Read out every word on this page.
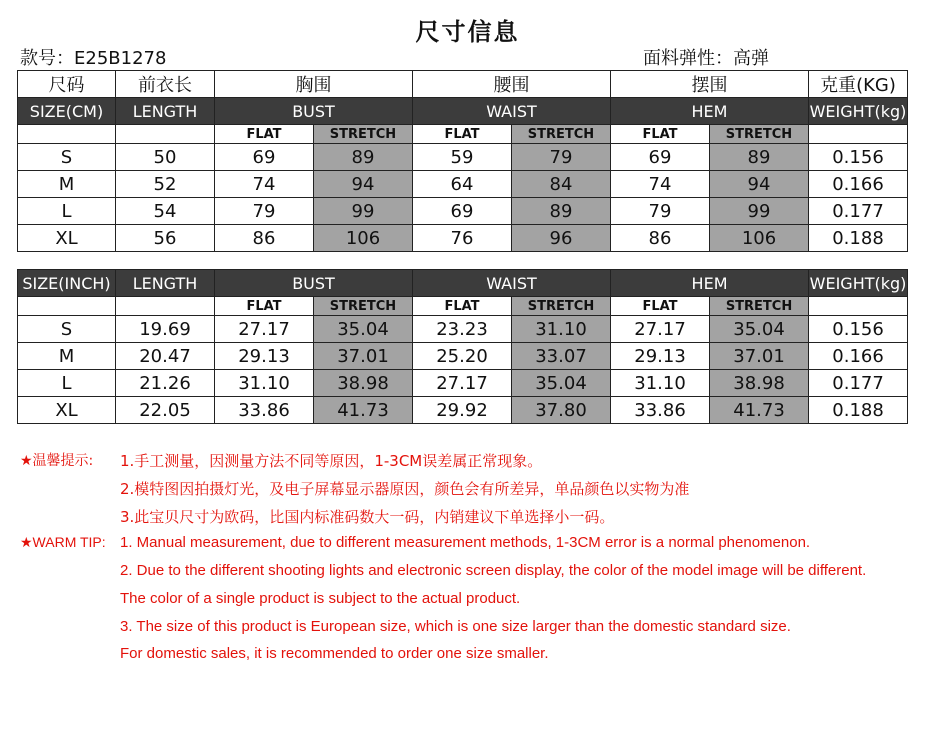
尺寸信息
款号：E25B1278	面料弹性：高弹
尺码	前衣长	胸围		腰围		摆围		克重(KG)
SIZE(CM)	LENGTH	BUST		WAIST		HEM		WEIGHT(kg)
		FLAT	STRETCH	FLAT	STRETCH	FLAT	STRETCH	
S	50	69	89	59	79	69	89	0.156
M	52	74	94	64	84	74	94	0.166
L	54	79	99	69	89	79	99	0.177
XL	56	86	106	76	96	86	106	0.188
SIZE(INCH)	LENGTH	BUST		WAIST		HEM		WEIGHT(kg)
		FLAT	STRETCH	FLAT	STRETCH	FLAT	STRETCH	
S	19.69	27.17	35.04	23.23	31.10	27.17	35.04	0.156
M	20.47	29.13	37.01	25.20	33.07	29.13	37.01	0.166
L	21.26	31.10	38.98	27.17	35.04	31.10	38.98	0.177
XL	22.05	33.86	41.73	29.92	37.80	33.86	41.73	0.188
★温馨提示: 1.手工测量，因测量方法不同等原因，1-3CM误差属正常现象。
2.模特图因拍摄灯光，及电子屏幕显示器原因，颜色会有所差异，单品颜色以实物为准
3.此宝贝尺寸为欧码，比国内标准码数大一码，内销建议下单选择小一码。
★WARM TIP: 1. Manual measurement, due to different measurement methods, 1-3CM error is a normal phenomenon.
2. Due to the different shooting lights and electronic screen display, the color of the model image will be different.
The color of a single product is subject to the actual product.
3. The size of this product is European size, which is one size larger than the domestic standard size.
For domestic sales, it is recommended to order one size smaller.
